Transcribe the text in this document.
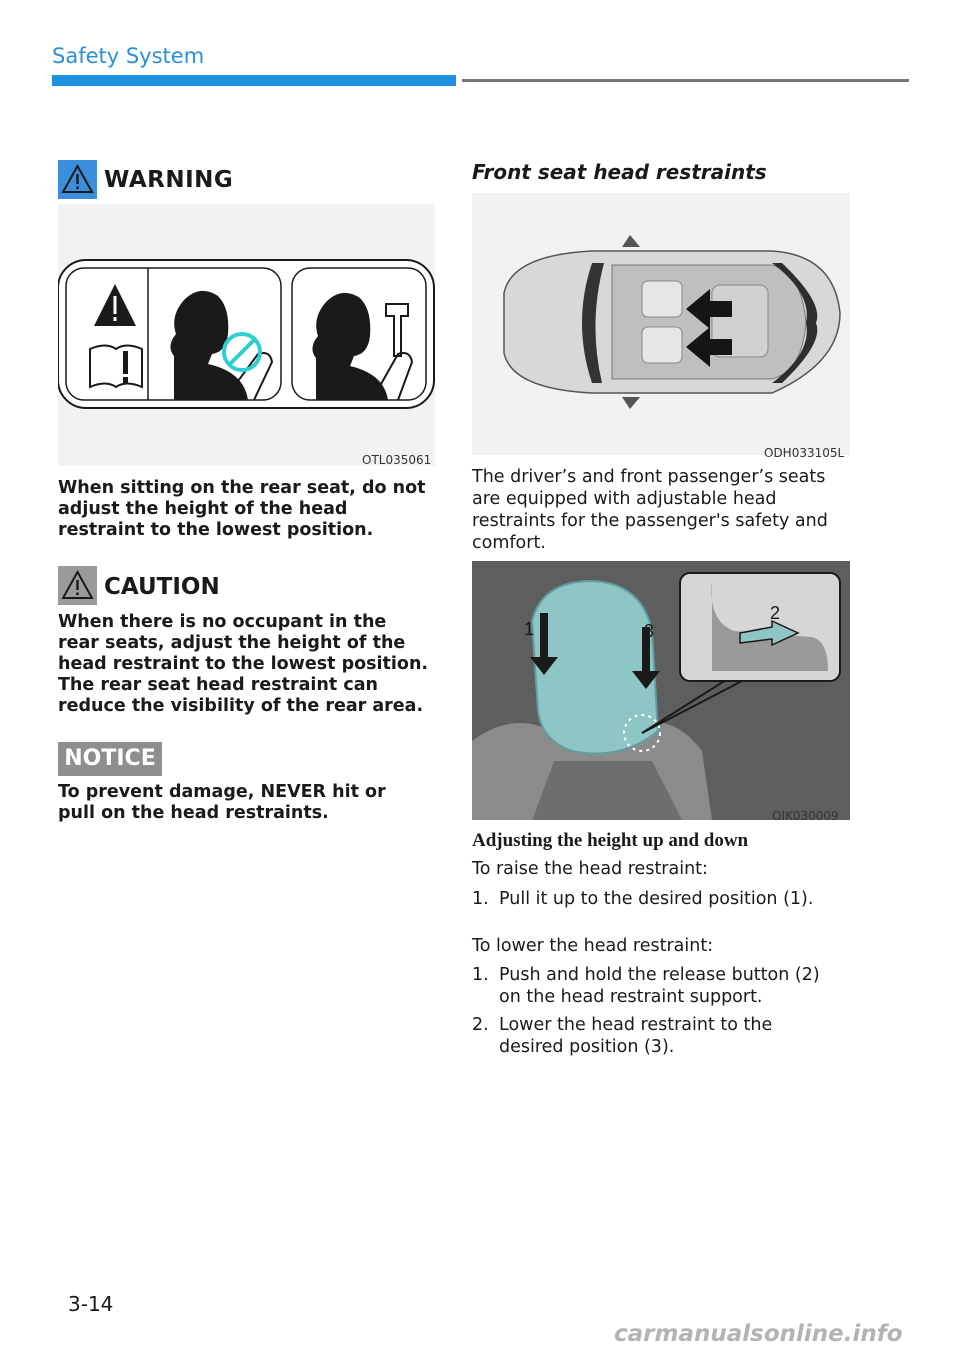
Safety System
WARNING
OTL035061
When sitting on the rear seat, do not adjust the height of the head restraint to the lowest position.
CAUTION
When there is no occupant in the rear seats, adjust the height of the head restraint to the lowest position. The rear seat head restraint can reduce the visibility of the rear area.
NOTICE
To prevent damage, NEVER hit or pull on the head restraints.
Front seat head restraints
ODH033105L
The driver’s and front passenger’s seats are equipped with adjustable head restraints for the passenger's safety and comfort.
1	3
2
OIK030009
Adjusting the height up and down
To raise the head restraint:
1. Pull it up to the desired position (1).
To lower the head restraint:
1. Push and hold the release button (2) on the head restraint support.
2. Lower the head restraint to the desired position (3).
3-14
carmanualsonline.info
